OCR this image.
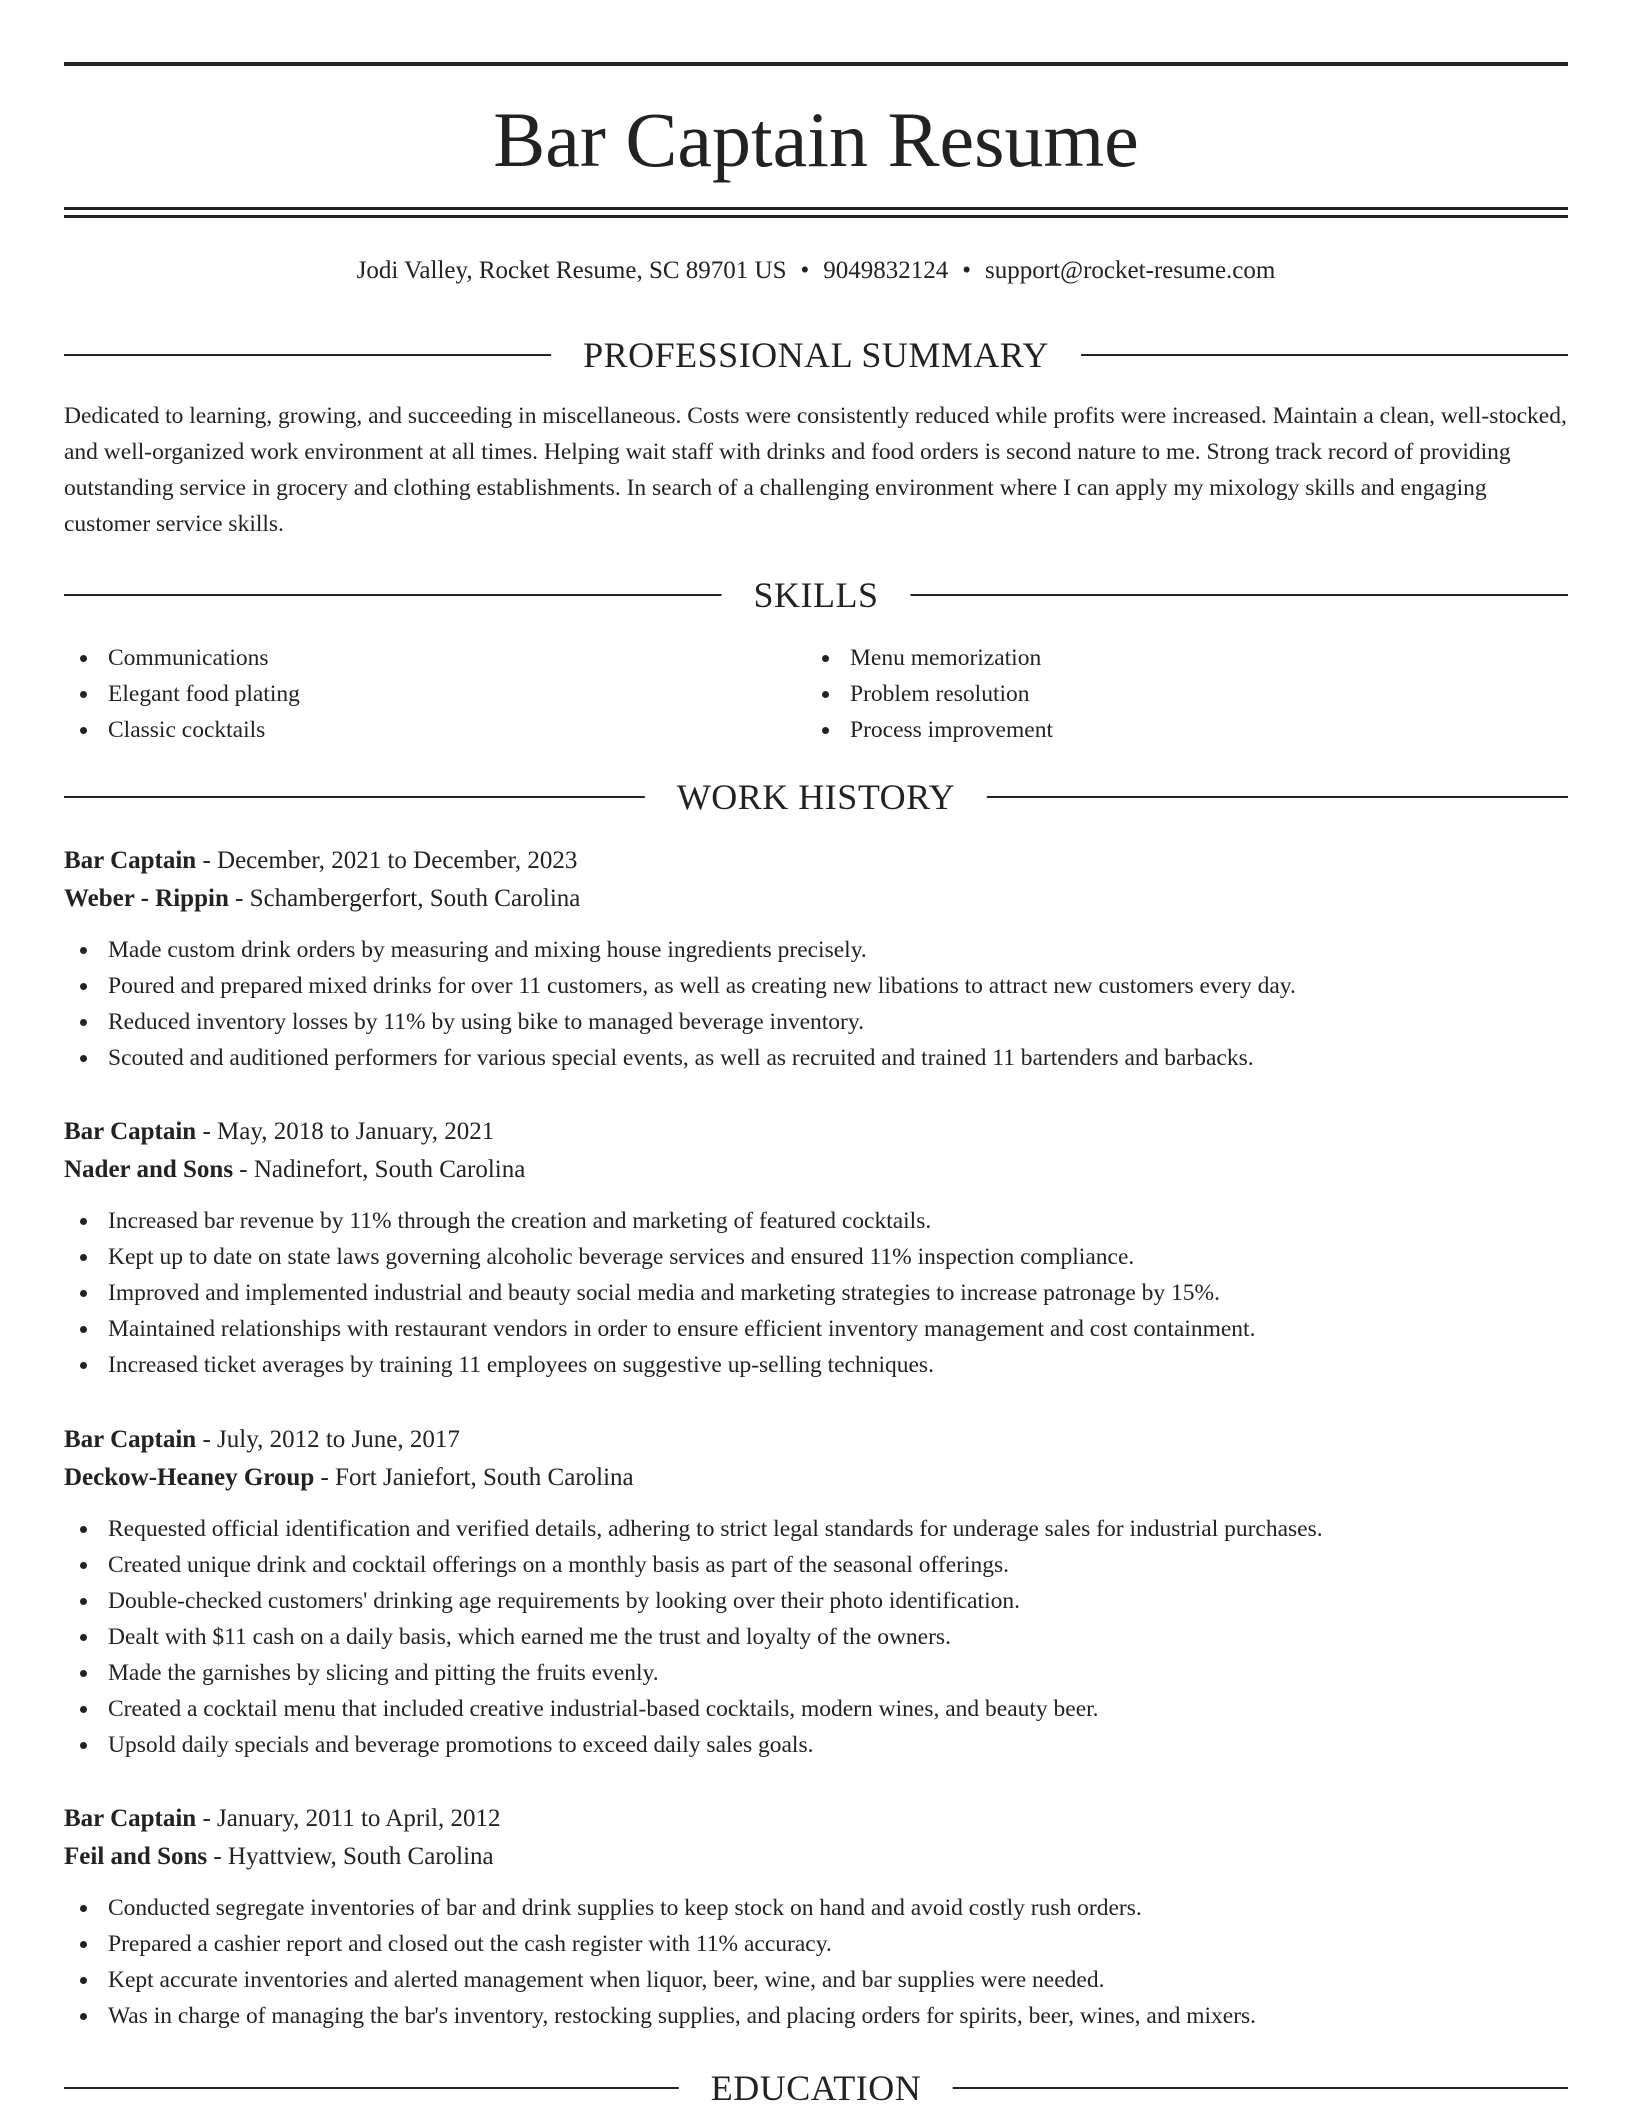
Bar Captain Resume
Jodi Valley, Rocket Resume, SC 89701 US • 9049832124 • support@rocket-resume.com
PROFESSIONAL SUMMARY
Dedicated to learning, growing, and succeeding in miscellaneous. Costs were consistently reduced while profits were increased. Maintain a clean, well-stocked, and well-organized work environment at all times. Helping wait staff with drinks and food orders is second nature to me. Strong track record of providing outstanding service in grocery and clothing establishments. In search of a challenging environment where I can apply my mixology skills and engaging customer service skills.
SKILLS
Communications
Elegant food plating
Classic cocktails
Menu memorization
Problem resolution
Process improvement
WORK HISTORY
Bar Captain - December, 2021 to December, 2023
Weber - Rippin - Schambergerfort, South Carolina
Made custom drink orders by measuring and mixing house ingredients precisely.
Poured and prepared mixed drinks for over 11 customers, as well as creating new libations to attract new customers every day.
Reduced inventory losses by 11% by using bike to managed beverage inventory.
Scouted and auditioned performers for various special events, as well as recruited and trained 11 bartenders and barbacks.
Bar Captain - May, 2018 to January, 2021
Nader and Sons - Nadinefort, South Carolina
Increased bar revenue by 11% through the creation and marketing of featured cocktails.
Kept up to date on state laws governing alcoholic beverage services and ensured 11% inspection compliance.
Improved and implemented industrial and beauty social media and marketing strategies to increase patronage by 15%.
Maintained relationships with restaurant vendors in order to ensure efficient inventory management and cost containment.
Increased ticket averages by training 11 employees on suggestive up-selling techniques.
Bar Captain - July, 2012 to June, 2017
Deckow-Heaney Group - Fort Janiefort, South Carolina
Requested official identification and verified details, adhering to strict legal standards for underage sales for industrial purchases.
Created unique drink and cocktail offerings on a monthly basis as part of the seasonal offerings.
Double-checked customers' drinking age requirements by looking over their photo identification.
Dealt with $11 cash on a daily basis, which earned me the trust and loyalty of the owners.
Made the garnishes by slicing and pitting the fruits evenly.
Created a cocktail menu that included creative industrial-based cocktails, modern wines, and beauty beer.
Upsold daily specials and beverage promotions to exceed daily sales goals.
Bar Captain - January, 2011 to April, 2012
Feil and Sons - Hyattview, South Carolina
Conducted segregate inventories of bar and drink supplies to keep stock on hand and avoid costly rush orders.
Prepared a cashier report and closed out the cash register with 11% accuracy.
Kept accurate inventories and alerted management when liquor, beer, wine, and bar supplies were needed.
Was in charge of managing the bar's inventory, restocking supplies, and placing orders for spirits, beer, wines, and mixers.
EDUCATION
